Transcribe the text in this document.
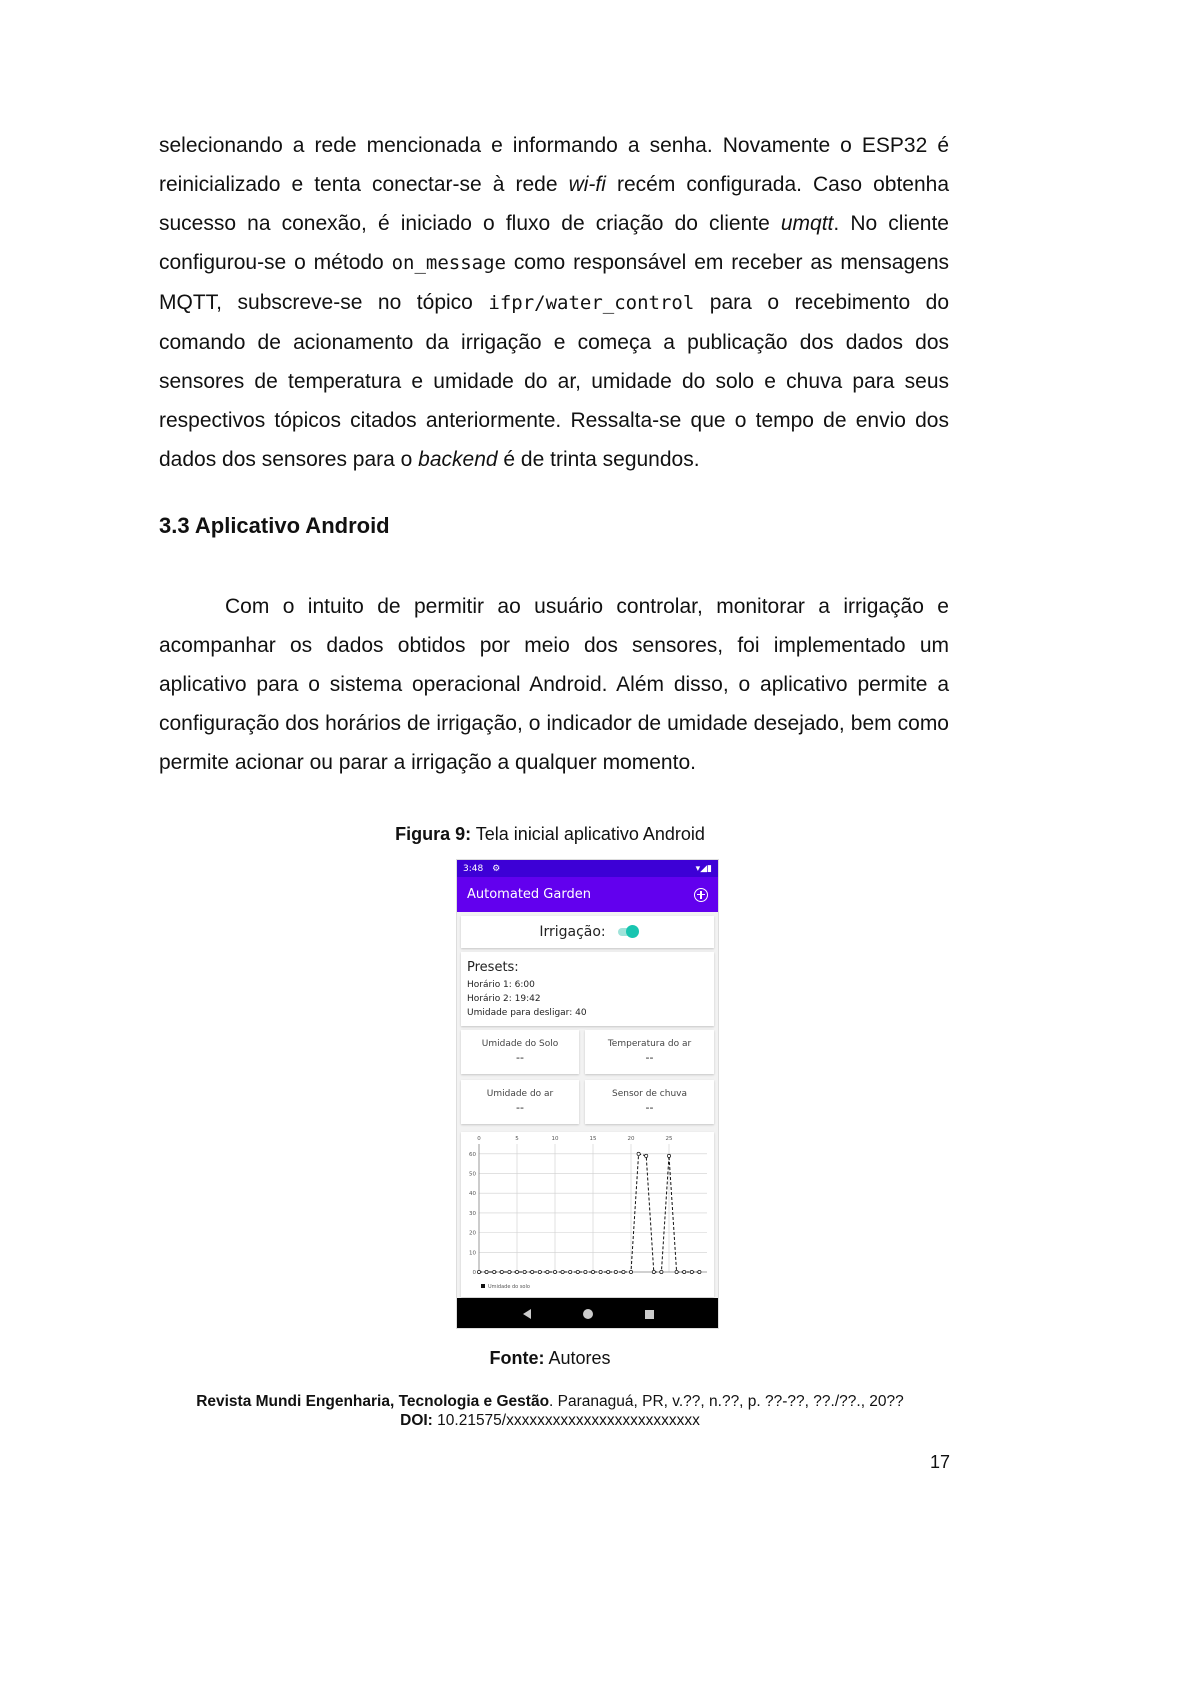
selecionando a rede mencionada e informando a senha. Novamente o ESP32 é reinicializado e tenta conectar-se à rede wi-fi recém configurada. Caso obtenha sucesso na conexão, é iniciado o fluxo de criação do cliente umqtt. No cliente configurou-se o método on_message como responsável em receber as mensagens MQTT, subscreve-se no tópico ifpr/water_control para o recebimento do comando de acionamento da irrigação e começa a publicação dos dados dos sensores de temperatura e umidade do ar, umidade do solo e chuva para seus respectivos tópicos citados anteriormente. Ressalta-se que o tempo de envio dos dados dos sensores para o backend é de trinta segundos.

3.3 Aplicativo Android

Com o intuito de permitir ao usuário controlar, monitorar a irrigação e acompanhar os dados obtidos por meio dos sensores, foi implementado um aplicativo para o sistema operacional Android. Além disso, o aplicativo permite a configuração dos horários de irrigação, o indicador de umidade desejado, bem como permite acionar ou parar a irrigação a qualquer momento.

Figura 9: Tela inicial aplicativo Android
3:48 ⚙	▾◢▮
Automated Garden
Irrigação:
Presets:
Horário 1: 6:00
Horário 2: 19:42
Umidade para desligar: 40
Umidade do Solo
--
Temperatura do ar
--
Umidade do ar
--
Sensor de chuva
--
0
10
20
30
40
50
60
0	5	10	15	20	25
Umidade do solo
Fonte: Autores
Revista Mundi Engenharia, Tecnologia e Gestão. Paranaguá, PR, v.??, n.??, p. ??-??, ??./??., 20??
DOI: 10.21575/xxxxxxxxxxxxxxxxxxxxxxxxx
17
